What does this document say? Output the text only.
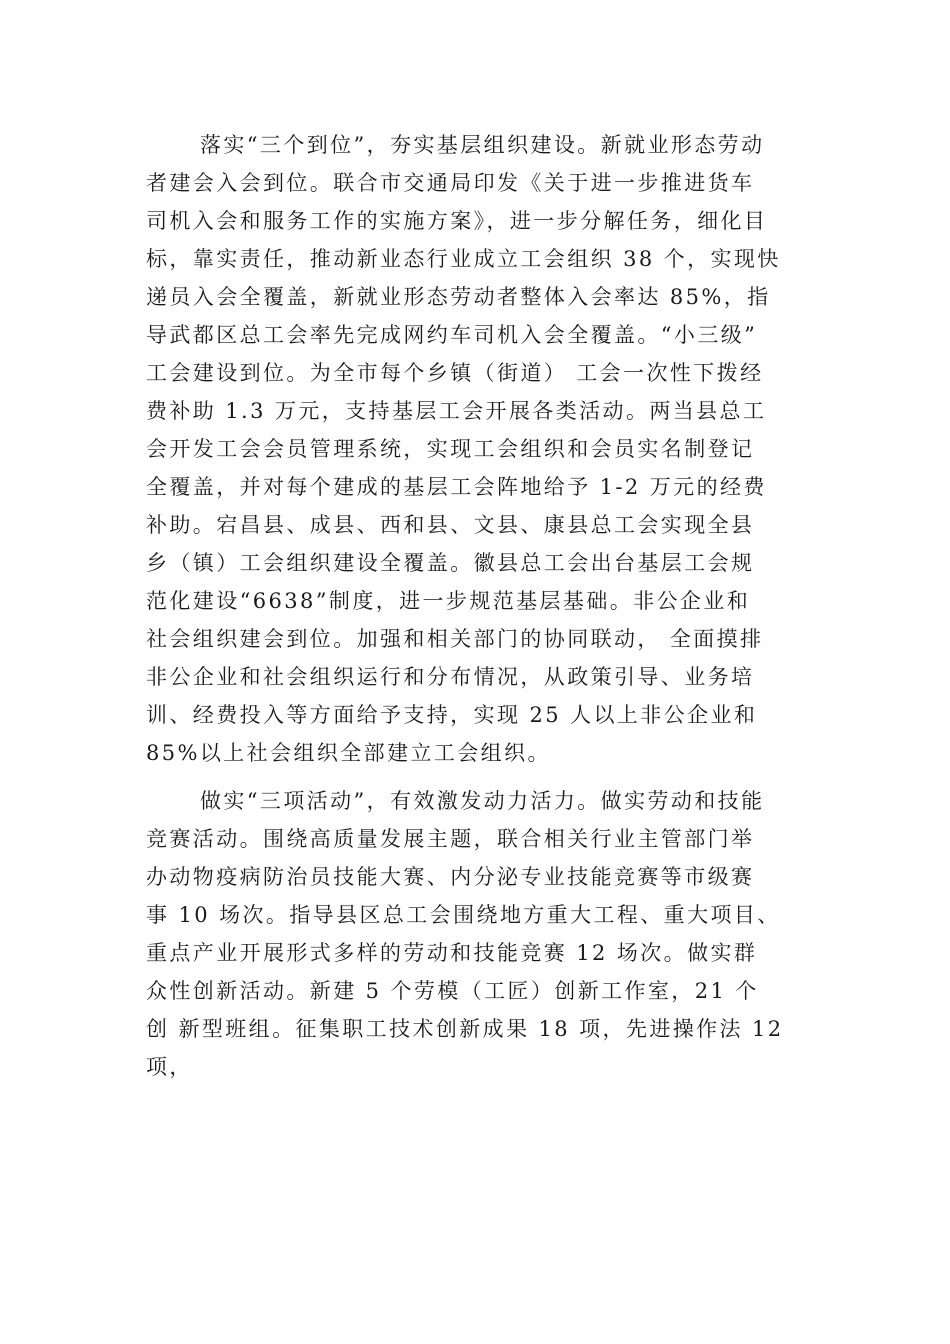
落实“三个到位”，夯实基层组织建设。新就业形态劳动
者建会入会到位。联合市交通局印发《关于进一步推进货车
司机入会和服务工作的实施方案》，进一步分解任务，细化目
标，靠实责任，推动新业态行业成立工会组织 38 个，实现快
递员入会全覆盖，新就业形态劳动者整体入会率达 85%，指
导武都区总工会率先完成网约车司机入会全覆盖。“小三级”
工会建设到位。为全市每个乡镇（街道） 工会一次性下拨经
费补助 1.3 万元，支持基层工会开展各类活动。两当县总工
会开发工会会员管理系统，实现工会组织和会员实名制登记
全覆盖，并对每个建成的基层工会阵地给予 1-2 万元的经费
补助。宕昌县、成县、西和县、文县、康县总工会实现全县
乡（镇）工会组织建设全覆盖。徽县总工会出台基层工会规
范化建设“6638”制度，进一步规范基层基础。非公企业和
社会组织建会到位。加强和相关部门的协同联动， 全面摸排
非公企业和社会组织运行和分布情况，从政策引导、业务培
训、经费投入等方面给予支持，实现 25 人以上非公企业和
85%以上社会组织全部建立工会组织。
做实“三项活动”，有效激发动力活力。做实劳动和技能
竞赛活动。围绕高质量发展主题，联合相关行业主管部门举
办动物疫病防治员技能大赛、内分泌专业技能竞赛等市级赛
事 10 场次。指导县区总工会围绕地方重大工程、重大项目、
重点产业开展形式多样的劳动和技能竞赛 12 场次。做实群
众性创新活动。新建 5 个劳模（工匠）创新工作室，21 个
创 新型班组。征集职工技术创新成果 18 项，先进操作法 12
项，
